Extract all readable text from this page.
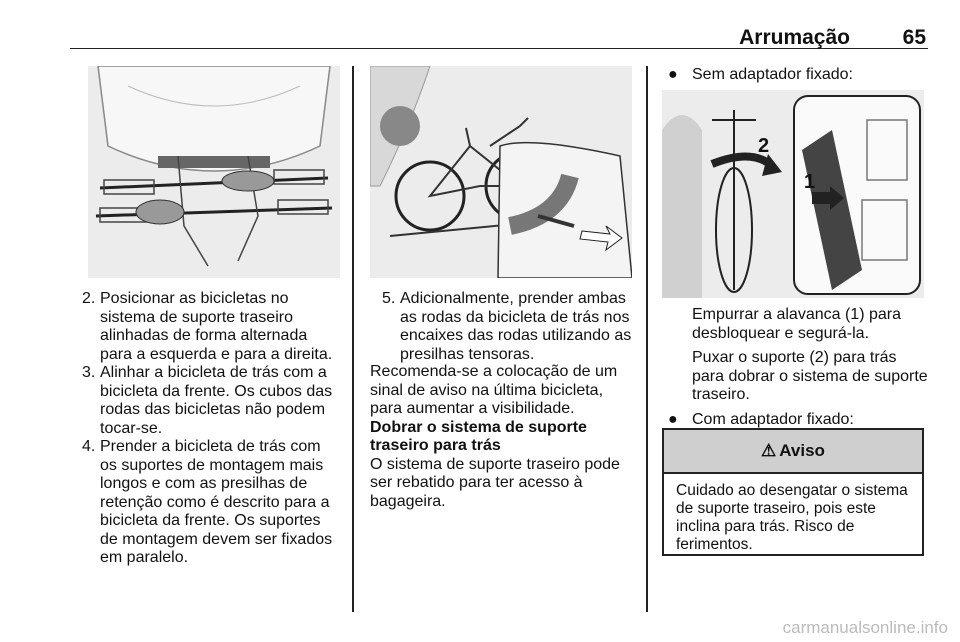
Arrumação	65

2. Posicionar as bicicletas no sistema de suporte traseiro alinhadas de forma alternada para a esquerda e para a direita.

3. Alinhar a bicicleta de trás com a bicicleta da frente. Os cubos das rodas das bicicletas não podem tocar-se.

4. Prender a bicicleta de trás com os suportes de montagem mais longos e com as presilhas de retenção como é descrito para a bicicleta da frente. Os suportes de montagem devem ser fixados em paralelo.

5. Adicionalmente, prender ambas as rodas da bicicleta de trás nos encaixes das rodas utilizando as presilhas tensoras.

Recomenda-se a colocação de um sinal de aviso na última bicicleta, para aumentar a visibilidade.

Dobrar o sistema de suporte traseiro para trás

O sistema de suporte traseiro pode ser rebatido para ter acesso à bagageira.

● Sem adaptador fixado:

2
1

Empurrar a alavanca (1) para desbloquear e segurá-la.

Puxar o suporte (2) para trás para dobrar o sistema de suporte traseiro.

● Com adaptador fixado:

⚠ Aviso
Cuidado ao desengatar o sistema de suporte traseiro, pois este inclina para trás. Risco de ferimentos.
carmanualsonline.info
